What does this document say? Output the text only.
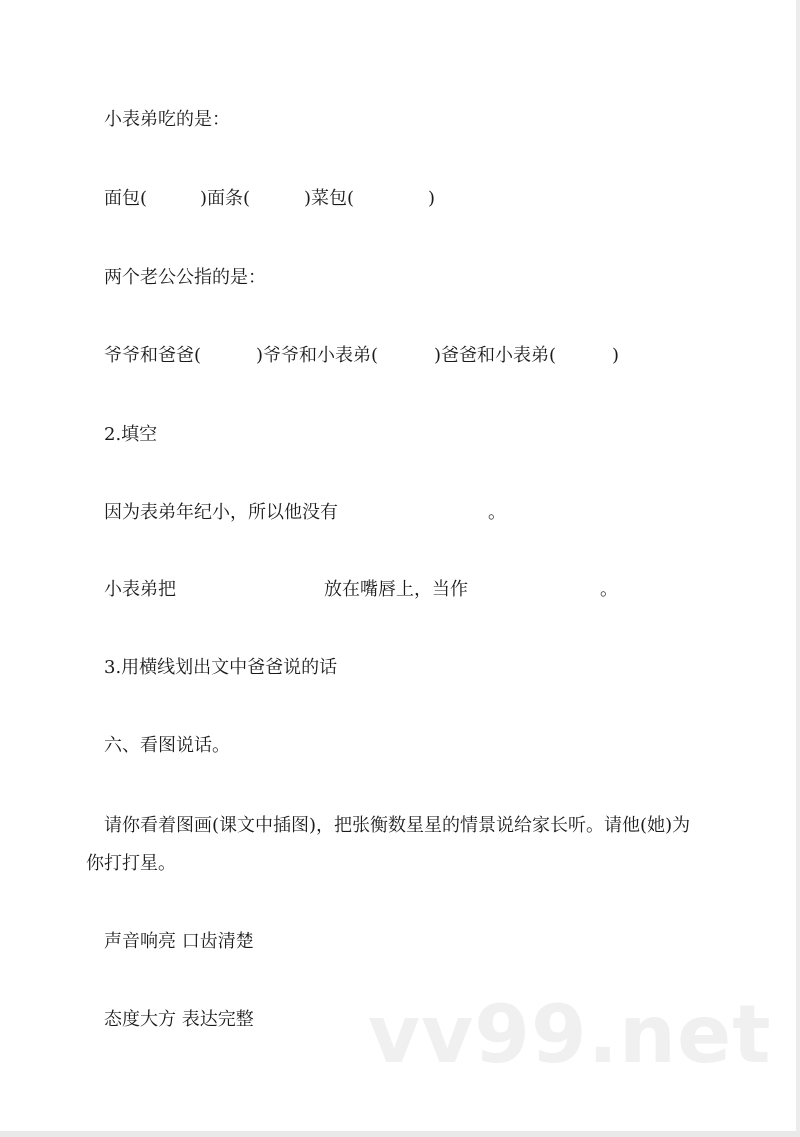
小表弟吃的是：
面包(	)面条(	)菜包(	)
两个老公公指的是：
爷爷和爸爸(	)爷爷和小表弟(	)爸爸和小表弟(	)
2.填空
因为表弟年纪小，所以他没有	。
小表弟把	放在嘴唇上，当作	。
3.用横线划出文中爸爸说的话
六、看图说话。
请你看着图画(课文中插图)，把张衡数星星的情景说给家长听。请他(她)为
你打打星。
声音响亮 口齿清楚
态度大方 表达完整 vv99.net
